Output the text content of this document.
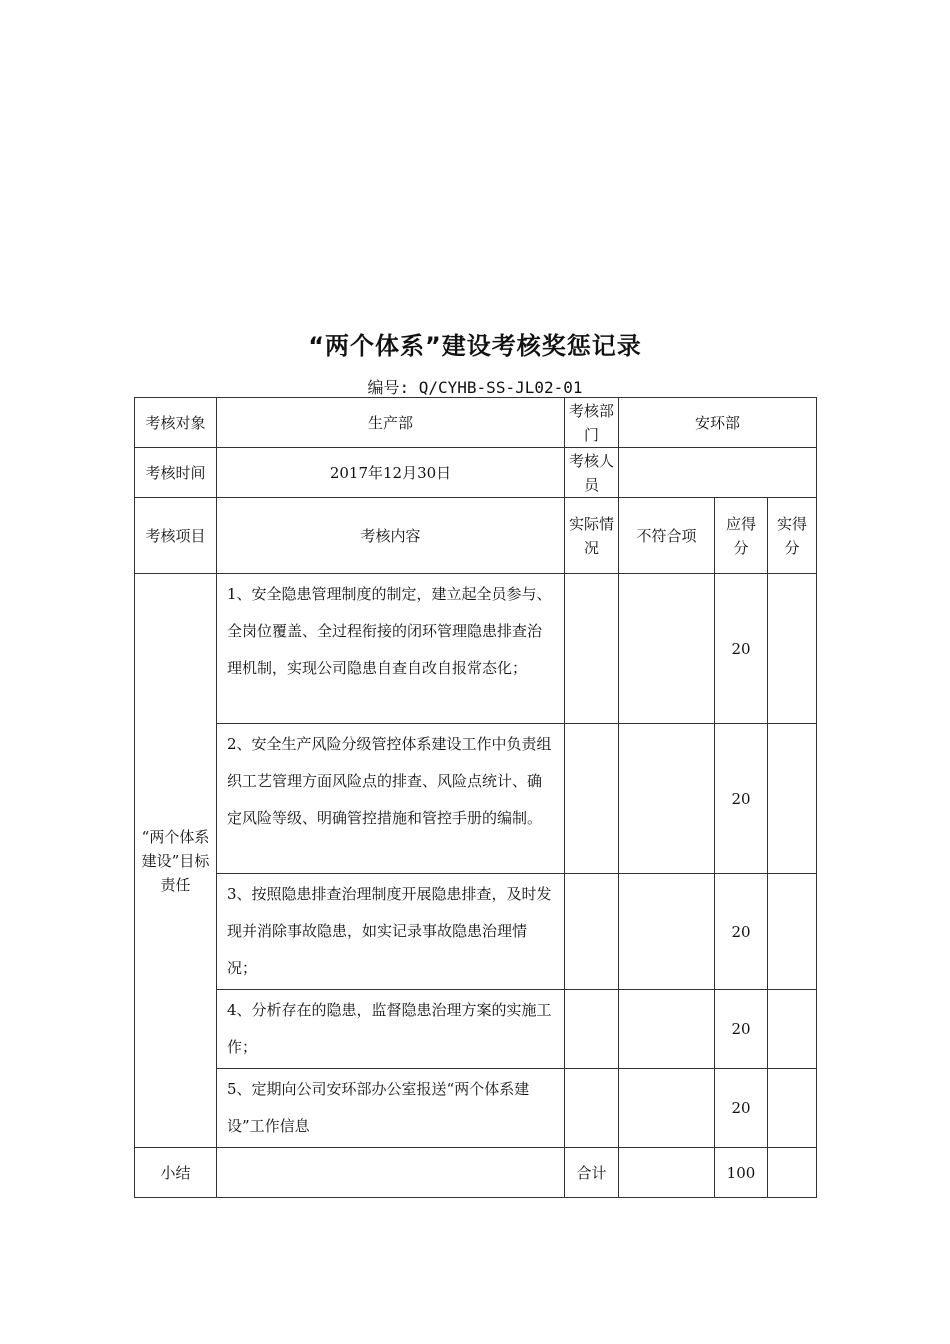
“两个体系”建设考核奖惩记录
编号: Q/CYHB-SS-JL02-01
考核对象	生产部	考核部门	安环部		
考核时间	2017年12月30日	考核人员			
考核项目	考核内容	实际情况	不符合项	应得分	实得分
“两个体系建设”目标责任	1、安全隐患管理制度的制定，建立起全员参与、全岗位覆盖、全过程衔接的闭环管理隐患排查治理机制，实现公司隐患自查自改自报常态化；			20	
	2、安全生产风险分级管控体系建设工作中负责组织工艺管理方面风险点的排查、风险点统计、确定风险等级、明确管控措施和管控手册的编制。			20	
	3、按照隐患排查治理制度开展隐患排查，及时发现并消除事故隐患，如实记录事故隐患治理情况；			20	
	4、分析存在的隐患，监督隐患治理方案的实施工作；			20	
	5、定期向公司安环部办公室报送“两个体系建设”工作信息			20	
小结		合计		100	
